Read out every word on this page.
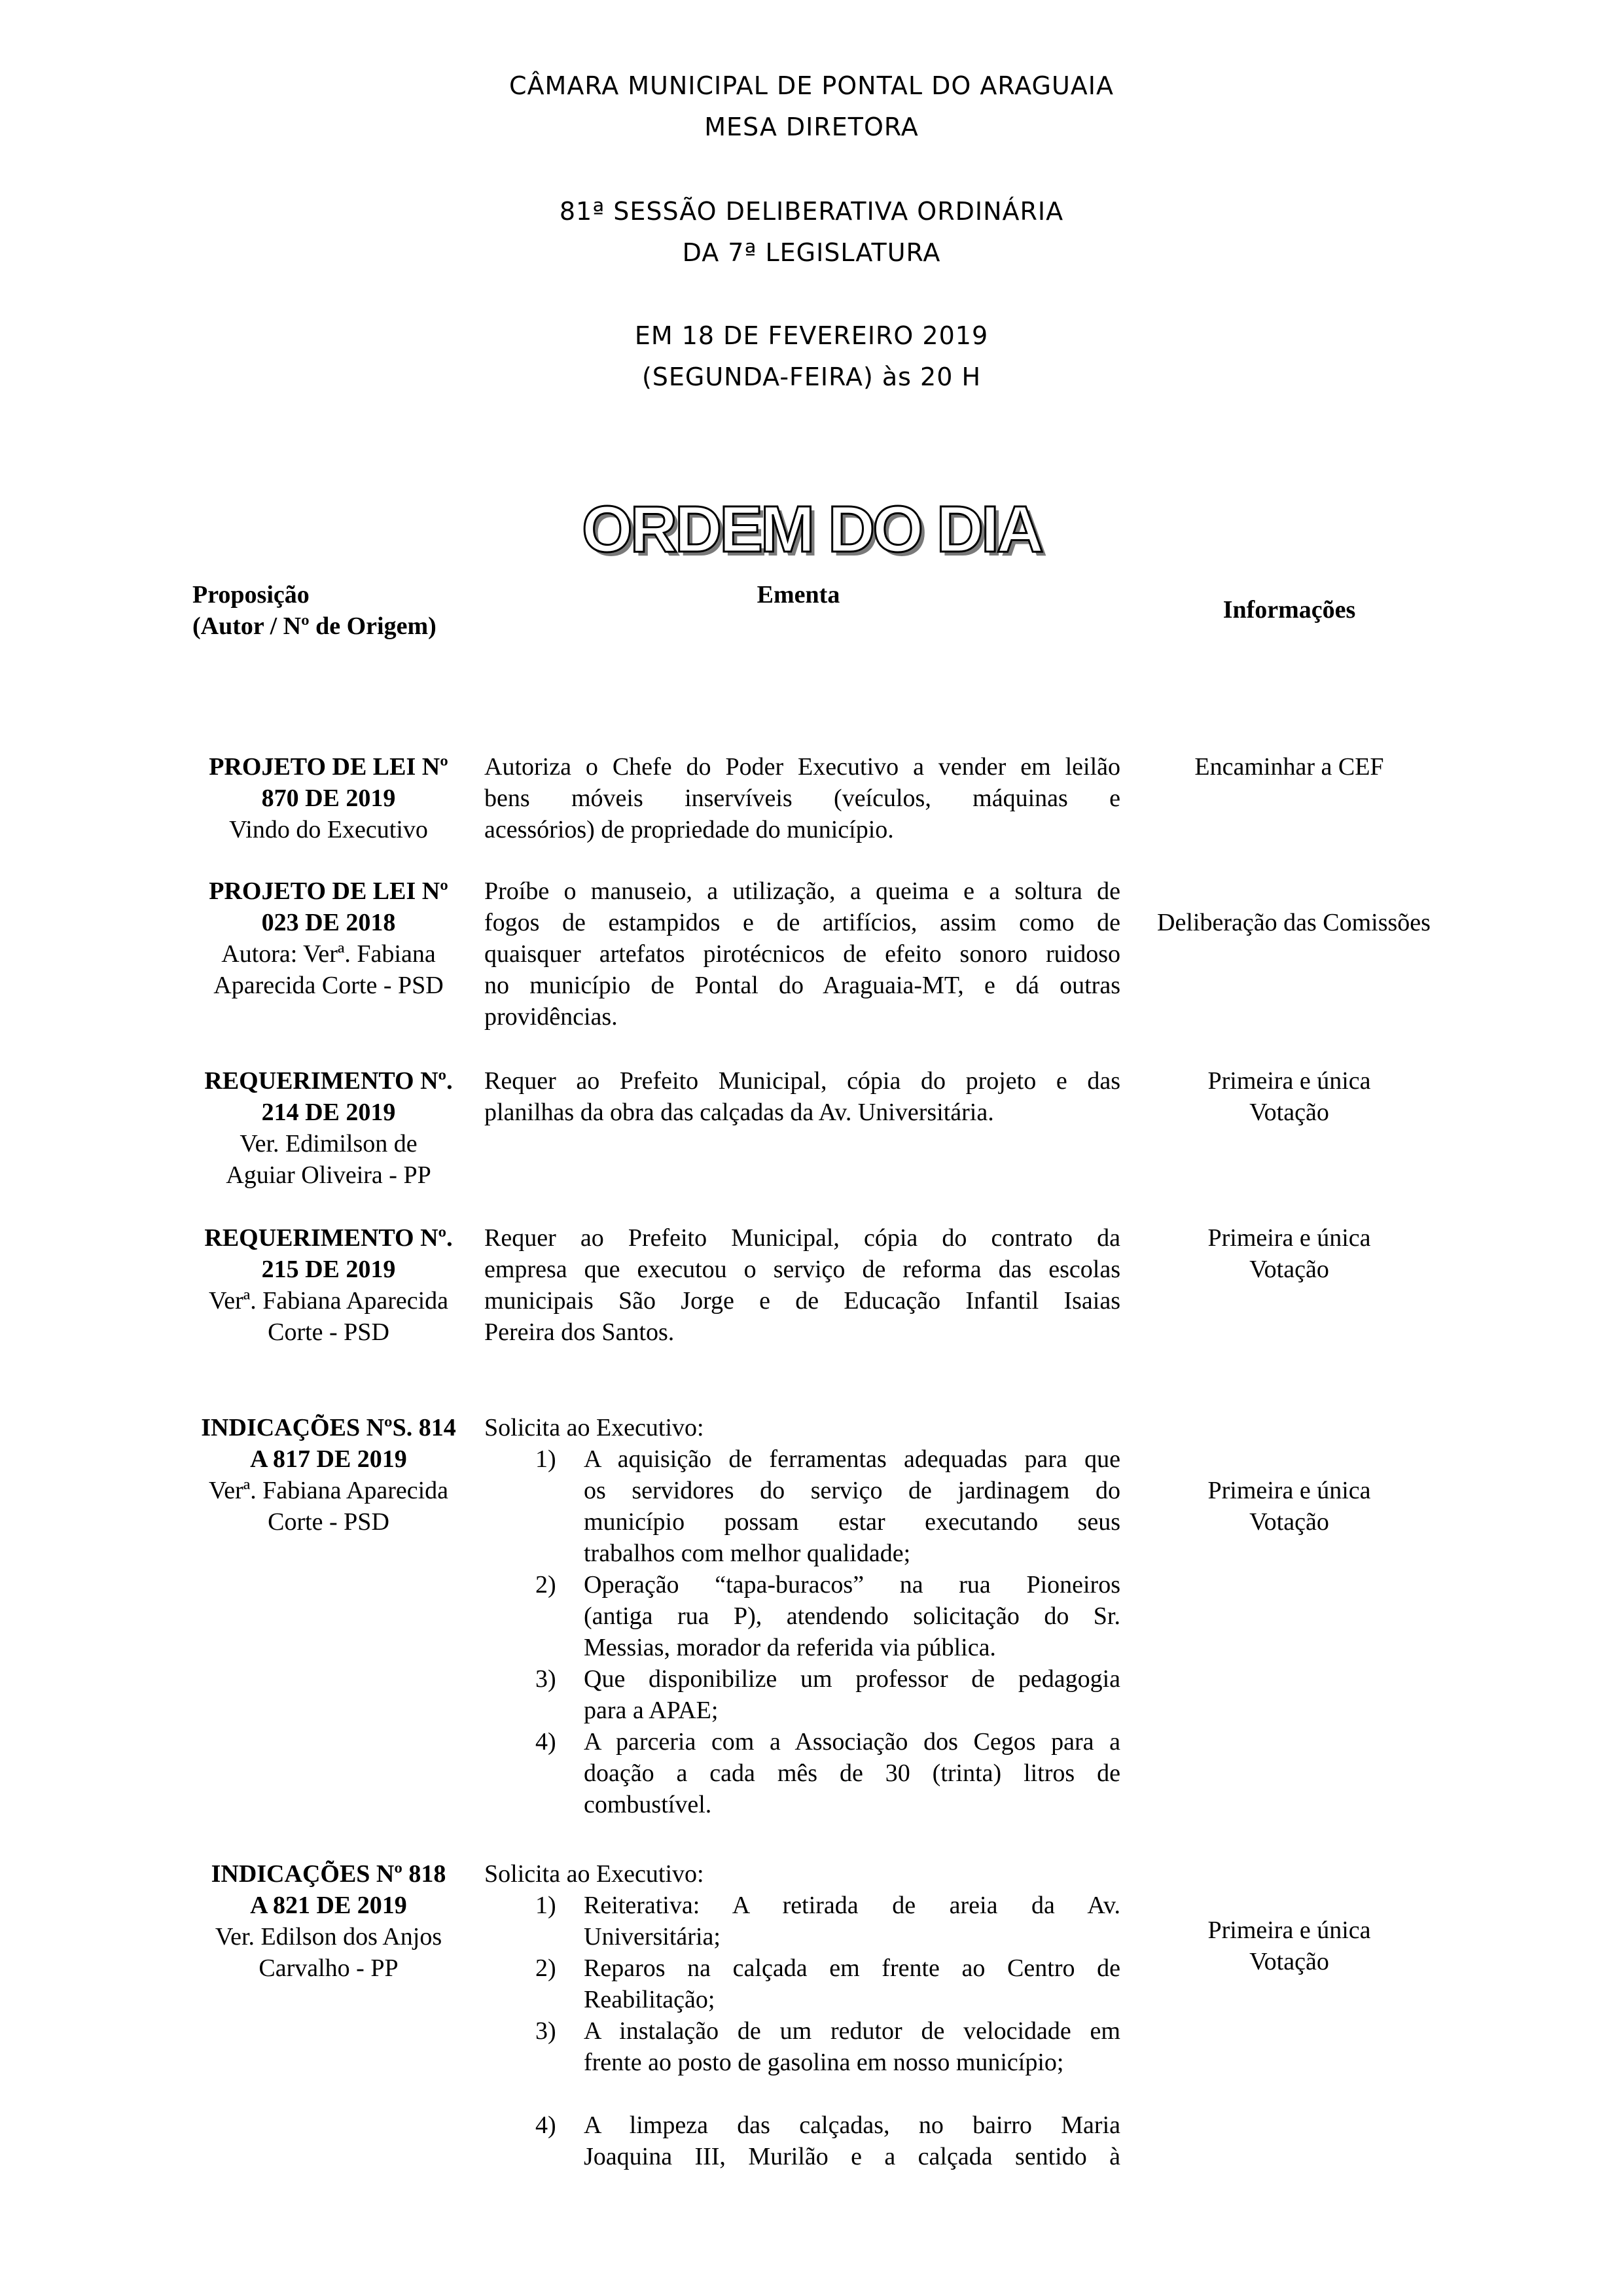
CÂMARA MUNICIPAL DE PONTAL DO ARAGUAIA
MESA DIRETORA
81ª SESSÃO DELIBERATIVA ORDINÁRIA
DA 7ª LEGISLATURA
EM 18 DE FEVEREIRO 2019
(SEGUNDA-FEIRA) às 20 H
ORDEM DO DIA
Proposição
(Autor / Nº de Origem)
Ementa
Informações
PROJETO DE LEI Nº
870 DE 2019
Vindo do Executivo
Autoriza o Chefe do Poder Executivo a vender em leilão
bens móveis inservíveis (veículos, máquinas e
acessórios) de propriedade do município.
Encaminhar a CEF
PROJETO DE LEI Nº
023 DE 2018
Autora: Verª. Fabiana
Aparecida Corte - PSD
Proíbe o manuseio, a utilização, a queima e a soltura de
fogos de estampidos e de artifícios, assim como de
quaisquer artefatos pirotécnicos de efeito sonoro ruidoso
no município de Pontal do Araguaia-MT, e dá outras
providências.
Deliberação das Comissões
REQUERIMENTO Nº.
214 DE 2019
Ver. Edimilson de
Aguiar Oliveira - PP
Requer ao Prefeito Municipal, cópia do projeto e das
planilhas da obra das calçadas da Av. Universitária.
Primeira e única
Votação
REQUERIMENTO Nº.
215 DE 2019
Verª. Fabiana Aparecida
Corte - PSD
Requer ao Prefeito Municipal, cópia do contrato da
empresa que executou o serviço de reforma das escolas
municipais São Jorge e de Educação Infantil Isaias
Pereira dos Santos.
Primeira e única
Votação
INDICAÇÕES NºS. 814
A 817 DE 2019
Verª. Fabiana Aparecida
Corte - PSD
Solicita ao Executivo:
1) A aquisição de ferramentas adequadas para que
os servidores do serviço de jardinagem do
município possam estar executando seus
trabalhos com melhor qualidade;
2) Operação “tapa-buracos” na rua Pioneiros
(antiga rua P), atendendo solicitação do Sr.
Messias, morador da referida via pública.
3) Que disponibilize um professor de pedagogia
para a APAE;
4) A parceria com a Associação dos Cegos para a
doação a cada mês de 30 (trinta) litros de
combustível.
Primeira e única
Votação
INDICAÇÕES Nº 818
A 821 DE 2019
Ver. Edilson dos Anjos
Carvalho - PP
Solicita ao Executivo:
1) Reiterativa: A retirada de areia da Av.
Universitária;
2) Reparos na calçada em frente ao Centro de
Reabilitação;
3) A instalação de um redutor de velocidade em
frente ao posto de gasolina em nosso município;
4) A limpeza das calçadas, no bairro Maria
Joaquina III, Murilão e a calçada sentido à
Primeira e única
Votação
